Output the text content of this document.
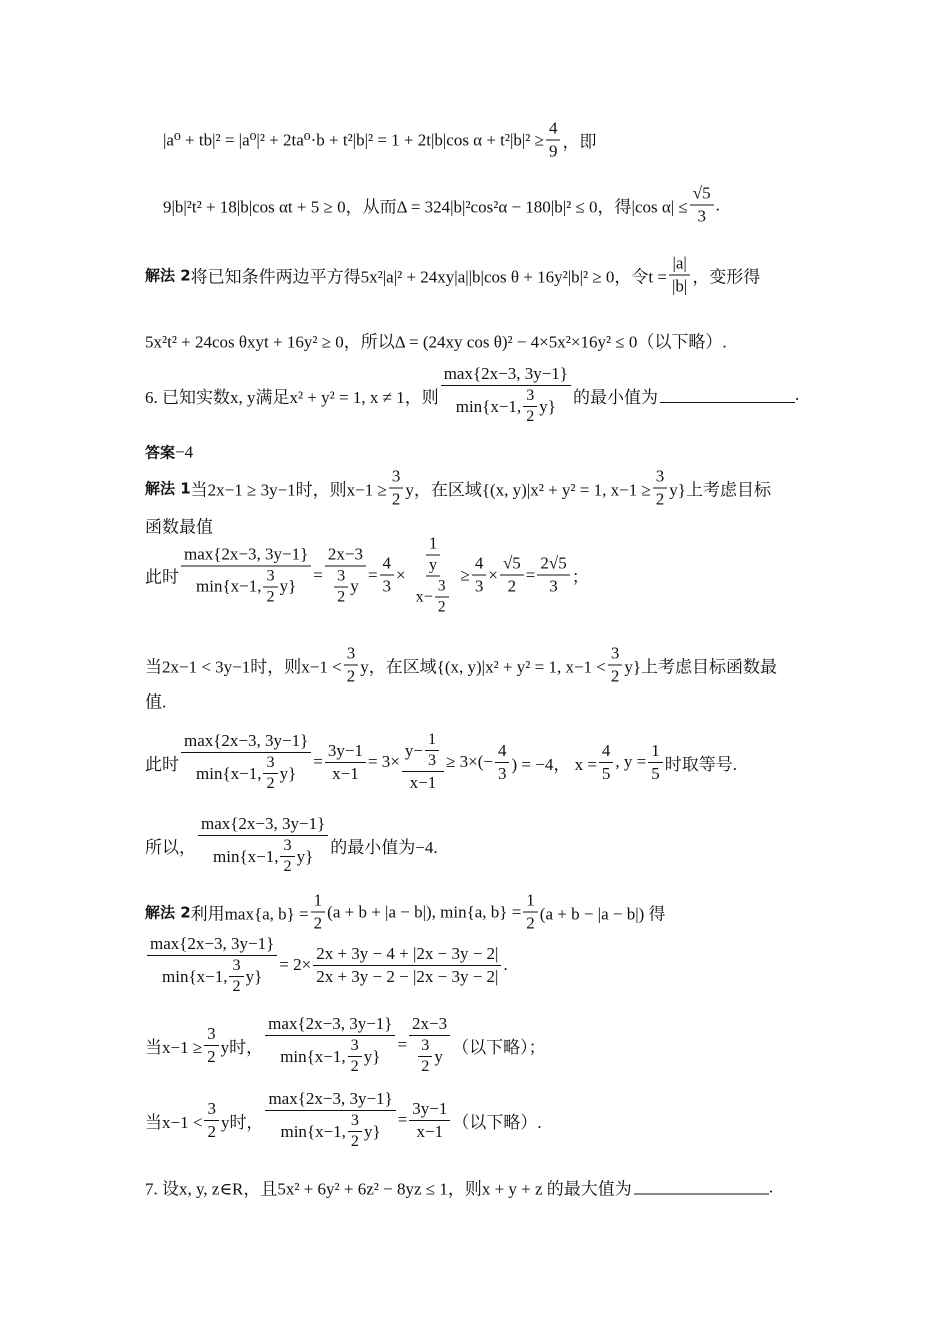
|a⁰ + tb|² = |a⁰|² + 2ta⁰·b + t²|b|² = 1 + 2t|b|cos $\alpha + t^2|b|^2 \ge \frac{4}{9}$ ，即
9|b|²t² + 18|b|cos αt + 5 ≥ 0，从而Δ = 324|b|²cos²α − 180|b|² ≤ 0，得|cos $\alpha| \le \frac{√5}{3}$ .
解法 2 将已知条件两边平方得5x²|a|² + 24xy|a||b|cos θ + 16y²|b|² ≥ 0，令$t = \frac{|a|}{|b|}$ ，变形得
5x²t² + 24cos θxyt + 16y² ≥ 0，所以Δ = (24xy cos θ)² − 4×5x²×16y² ≤ 0（以下略）.
6. 已知实数x, y满足x² + y² = 1, x ≠ 1，则 $\frac{\max\{2x-3, 3y-1\}}{\min\{x-1, \frac{3}{2} y\}}$ 的最小值为	.
答案 −4
解法 1 当2x−1 ≥ 3y−1时，则$x-1 \ge \frac{3}{2}$ y，在区域{(x, y)|x² + y² = 1, $x-1 \ge \frac{3}{2} y$}上考虑目标
函数最值
此时 $\frac{\max\{2x-3, 3y-1\}}{\min\{x-1, \frac{3}{2} y\}} = \frac{2x-3}{\frac{3}{2} y} = \frac{4}{3} \times \frac{1}{\frac{y}{x- \frac{3}{2}}} \ge \frac{4}{3} \times \frac{√5}{2} = \frac{2√5}{3}$ ；
当2x−1 < 3y−1时，则$x-1 < \frac{3}{2}$ y，在区域{(x, y)|x² + y² = 1, $x-1 < \frac{3}{2} y$}上考虑目标函数最
值.
此时 $\frac{\max\{2x-3, 3y-1\}}{\min\{x-1, \frac{3}{2} y\}} = \frac{3y-1}{x-1} = 3\times \frac{y- \frac{1}{3}}{x-1} \ge 3\times(- \frac{4}{3}$ ) = −4， $x = \frac{4}{5}$ , $y = \frac{1}{5}$ 时取等号.
所以， $\frac{\max\{2x-3, 3y-1\}}{\min\{x-1, \frac{3}{2} y\}}$ 的最小值为−4.
解法 2 利用max{a, $b\} = \frac{1}{2} (a + b + |a - b|)$, min{a, $b\} = \frac{1}{2} (a + b - |a - b|)$ 得
$\frac{\max\{2x-3, 3y-1\}}{\min\{x-1, \frac{3}{2} y\}} = 2\times \frac{2x + 3y - 4 + |2x - 3y - 2|}{2x + 3y - 2 - |2x - 3y - 2|}$ .
当$x-1 \ge \frac{3}{2}$ y时， $\frac{\max\{2x-3, 3y-1\}}{\min\{x-1, \frac{3}{2} y\}} = \frac{2x-3}{\frac{3}{2} y}$ （以下略）；
当$x-1 < \frac{3}{2}$ y时， $\frac{\max\{2x-3, 3y-1\}}{\min\{x-1, \frac{3}{2} y\}} = \frac{3y-1}{x-1}$ （以下略）.
7. 设x, y, z∈R，且5x² + 6y² + 6z² − 8yz ≤ 1，则x + y + z 的最大值为	.
